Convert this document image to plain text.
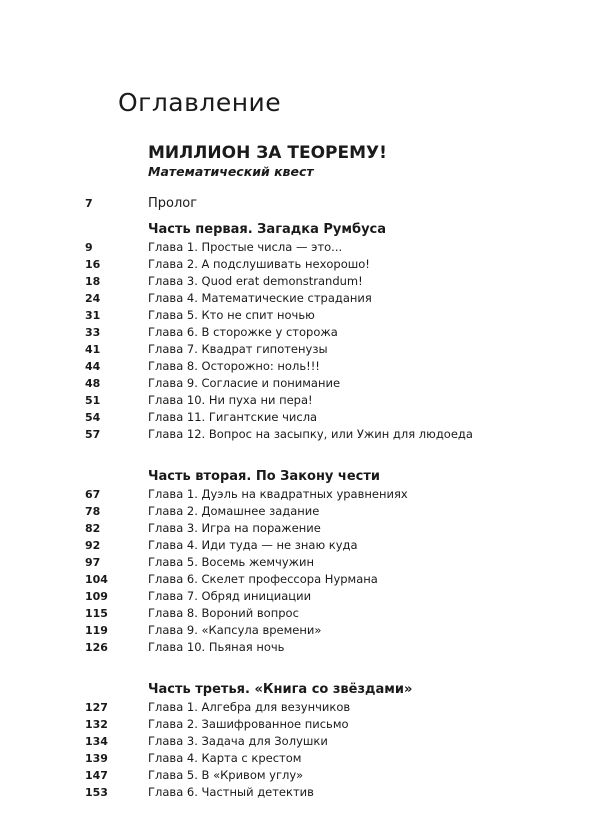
Оглавление
МИЛЛИОН ЗА ТЕОРЕМУ!
Математический квест
7	Пролог
Часть первая. Загадка Румбуса
9	Глава 1. Простые числа — это...
16	Глава 2. А подслушивать нехорошо!
18	Глава 3. Quod erat demonstrandum!
24	Глава 4. Математические страдания
31	Глава 5. Кто не спит ночью
33	Глава 6. В сторожке у сторожа
41	Глава 7. Квадрат гипотенузы
44	Глава 8. Осторожно: ноль!!!
48	Глава 9. Согласие и понимание
51	Глава 10. Ни пуха ни пера!
54	Глава 11. Гигантские числа
57	Глава 12. Вопрос на засыпку, или Ужин для людоеда
Часть вторая. По Закону чести
67	Глава 1. Дуэль на квадратных уравнениях
78	Глава 2. Домашнее задание
82	Глава 3. Игра на поражение
92	Глава 4. Иди туда — не знаю куда
97	Глава 5. Восемь жемчужин
104	Глава 6. Скелет профессора Нурмана
109	Глава 7. Обряд инициации
115	Глава 8. Вороний вопрос
119	Глава 9. «Капсула времени»
126	Глава 10. Пьяная ночь
Часть третья. «Книга со звёздами»
127	Глава 1. Алгебра для везунчиков
132	Глава 2. Зашифрованное письмо
134	Глава 3. Задача для Золушки
139	Глава 4. Карта с крестом
147	Глава 5. В «Кривом углу»
153	Глава 6. Частный детектив
